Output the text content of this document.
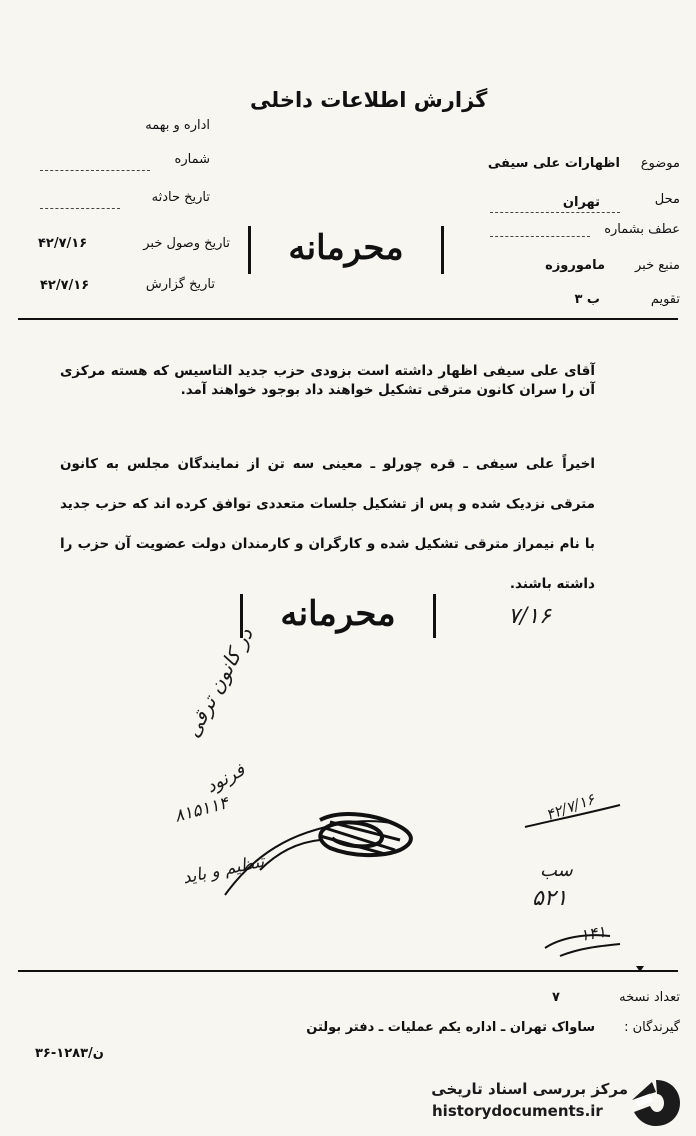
گزارش اطلاعات داخلی
اداره و بهمه
شماره
تاریخ حادثه
تاریخ وصول خبر
۴۲/۷/۱۶
تاریخ گزارش
۴۲/۷/۱۶
محرمانه
موضوع
اظهارات علی سیفی
محل
تهران
عطف بشماره
منبع خبر
ماموروزه
تقویم
ب ۳
آقای علی سیفی اظهار داشته است بزودی حزب جدید التاسیس که هسته مرکزی آن را سران کانون مترقی تشکیل خواهند داد بوجود خواهند آمد.
اخیراً علی سیفی ـ قره چورلو ـ معینی سه تن از نمایندگان مجلس به کانون مترقی نزدیک شده و پس از تشکیل جلسات متعددی توافق کرده اند که حزب جدید با نام نیمراز مترقی تشکیل شده و کارگران و کارمندان دولت عضویت آن حزب را داشته باشند.
محرمانه	۷/۱۶
در کانون ترقی
۸۱۵۱۱۴
فرنود
تنظیم و باید
۴۲/۷/۱۶
سب
۵۲۱
۱۴۱
تعداد نسخه
۷
گیرندگان :
ساواک تهران ـ اداره یکم عملیات ـ دفتر بولتن
۳۶-۱۲۸۳/ن
مرکز بررسی اسناد تاریخی
historydocuments.ir
